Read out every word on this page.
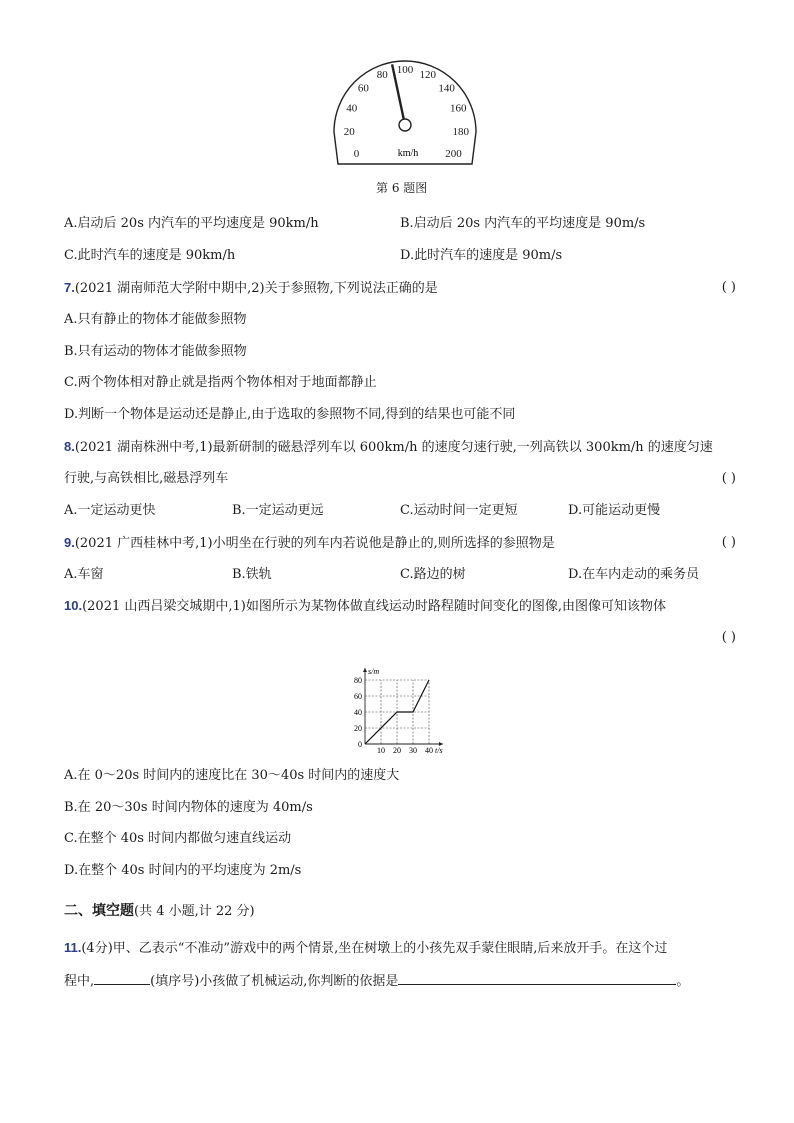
0
20
40
60
80 100 120
140
160
180
200
km/h
第 6 题图
A.启动后 20s 内汽车的平均速度是 90km/h	B.启动后 20s 内汽车的平均速度是 90m/s
C.此时汽车的速度是 90km/h	D.此时汽车的速度是 90m/s
7.(2021 湖南师范大学附中期中,2)关于参照物,下列说法正确的是	( )
A.只有静止的物体才能做参照物
B.只有运动的物体才能做参照物
C.两个物体相对静止就是指两个物体相对于地面都静止
D.判断一个物体是运动还是静止,由于选取的参照物不同,得到的结果也可能不同
8.(2021 湖南株洲中考,1)最新研制的磁悬浮列车以 600km/h 的速度匀速行驶,一列高铁以 300km/h 的速度匀速
行驶,与高铁相比,磁悬浮列车	( )
A.一定运动更快	B.一定运动更远	C.运动时间一定更短	D.可能运动更慢
9.(2021 广西桂林中考,1)小明坐在行驶的列车内若说他是静止的,则所选择的参照物是	( )
A.车窗	B.铁轨	C.路边的树	D.在车内走动的乘务员
10.(2021 山西吕梁交城期中,1)如图所示为某物体做直线运动时路程随时间变化的图像,由图像可知该物体
( )
10 20 30 40
0
20
40
60
80
t/s
s/m
A.在 0～20s 时间内的速度比在 30～40s 时间内的速度大
B.在 20～30s 时间内物体的速度为 40m/s
C.在整个 40s 时间内都做匀速直线运动
D.在整个 40s 时间内的平均速度为 2m/s
二、填空题(共 4 小题,计 22 分)
11.(4分)甲、乙表示“不准动”游戏中的两个情景,坐在树墩上的小孩先双手蒙住眼睛,后来放开手。在这个过
程中,	(填序号)小孩做了机械运动,你判断的依据是	。
